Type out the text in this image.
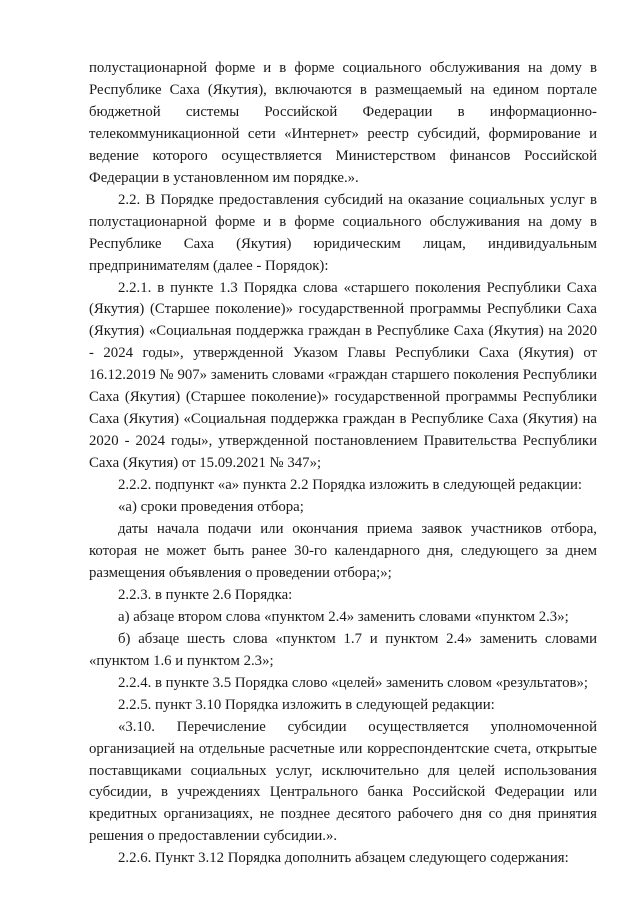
полустационарной форме и в форме социального обслуживания на дому в Республике Саха (Якутия), включаются в размещаемый на едином портале бюджетной системы Российской Федерации в информационно-телекоммуникационной сети «Интернет» реестр субсидий, формирование и ведение которого осуществляется Министерством финансов Российской Федерации в установленном им порядке.».

2.2. В Порядке предоставления субсидий на оказание социальных услуг в полустационарной форме и в форме социального обслуживания на дому в Республике Саха (Якутия) юридическим лицам, индивидуальным предпринимателям (далее - Порядок):

2.2.1. в пункте 1.3 Порядка слова «старшего поколения Республики Саха (Якутия) (Старшее поколение)» государственной программы Республики Саха (Якутия) «Социальная поддержка граждан в Республике Саха (Якутия) на 2020 - 2024 годы», утвержденной Указом Главы Республики Саха (Якутия) от 16.12.2019 № 907» заменить словами «граждан старшего поколения Республики Саха (Якутия) (Старшее поколение)» государственной программы Республики Саха (Якутия) «Социальная поддержка граждан в Республике Саха (Якутия) на 2020 - 2024 годы», утвержденной постановлением Правительства Республики Саха (Якутия) от 15.09.2021 № 347»;

2.2.2. подпункт «а» пункта 2.2 Порядка изложить в следующей редакции:

«а) сроки проведения отбора;

даты начала подачи или окончания приема заявок участников отбора, которая не может быть ранее 30-го календарного дня, следующего за днем размещения объявления о проведении отбора;»;

2.2.3. в пункте 2.6 Порядка:

а) абзаце втором слова «пунктом 2.4» заменить словами «пунктом 2.3»;

б) абзаце шесть слова «пунктом 1.7 и пунктом 2.4» заменить словами «пунктом 1.6 и пунктом 2.3»;

2.2.4. в пункте 3.5 Порядка слово «целей» заменить словом «результатов»;

2.2.5. пункт 3.10 Порядка изложить в следующей редакции:

«3.10. Перечисление субсидии осуществляется уполномоченной организацией на отдельные расчетные или корреспондентские счета, открытые поставщиками социальных услуг, исключительно для целей использования субсидии, в учреждениях Центрального банка Российской Федерации или кредитных организациях, не позднее десятого рабочего дня со дня принятия решения о предоставлении субсидии.».

2.2.6. Пункт 3.12 Порядка дополнить абзацем следующего содержания:
